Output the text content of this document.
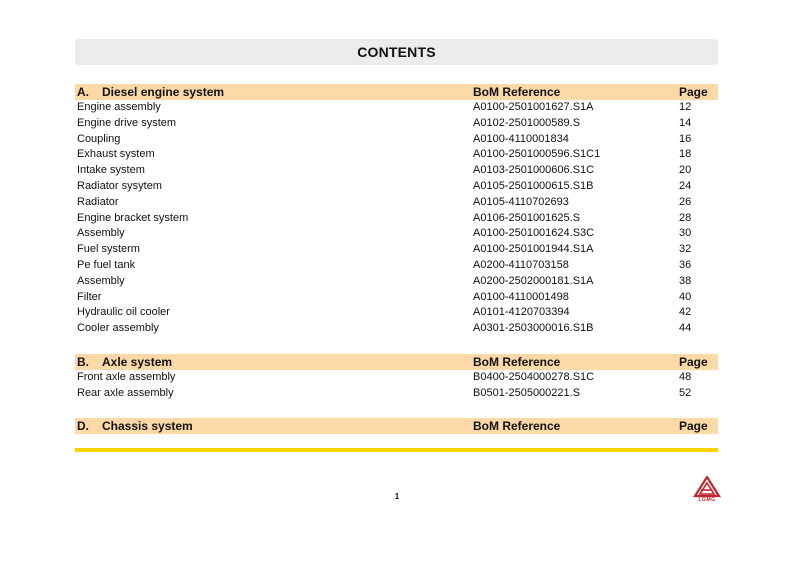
CONTENTS
A. Diesel engine system	BoM Reference	Page
Engine assembly	A0100-2501001627.S1A	12
Engine drive system	A0102-2501000589.S	14
Coupling	A0100-4110001834	16
Exhaust system	A0100-2501000596.S1C1	18
Intake system	A0103-2501000606.S1C	20
Radiator sysytem	A0105-2501000615.S1B	24
Radiator	A0105-4110702693	26
Engine bracket system	A0106-2501001625.S	28
Assembly	A0100-2501001624.S3C	30
Fuel systerm	A0100-2501001944.S1A	32
Pe fuel tank	A0200-4110703158	36
Assembly	A0200-2502000181.S1A	38
Filter	A0100-4110001498	40
Hydraulic oil cooler	A0101-4120703394	42
Cooler assembly	A0301-2503000016.S1B	44
B. Axle system	BoM Reference	Page
Front axle assembly	B0400-2504000278.S1C	48
Rear axle assembly	B0501-2505000221.S	52
D. Chassis system	BoM Reference	Page
1	LGMG
